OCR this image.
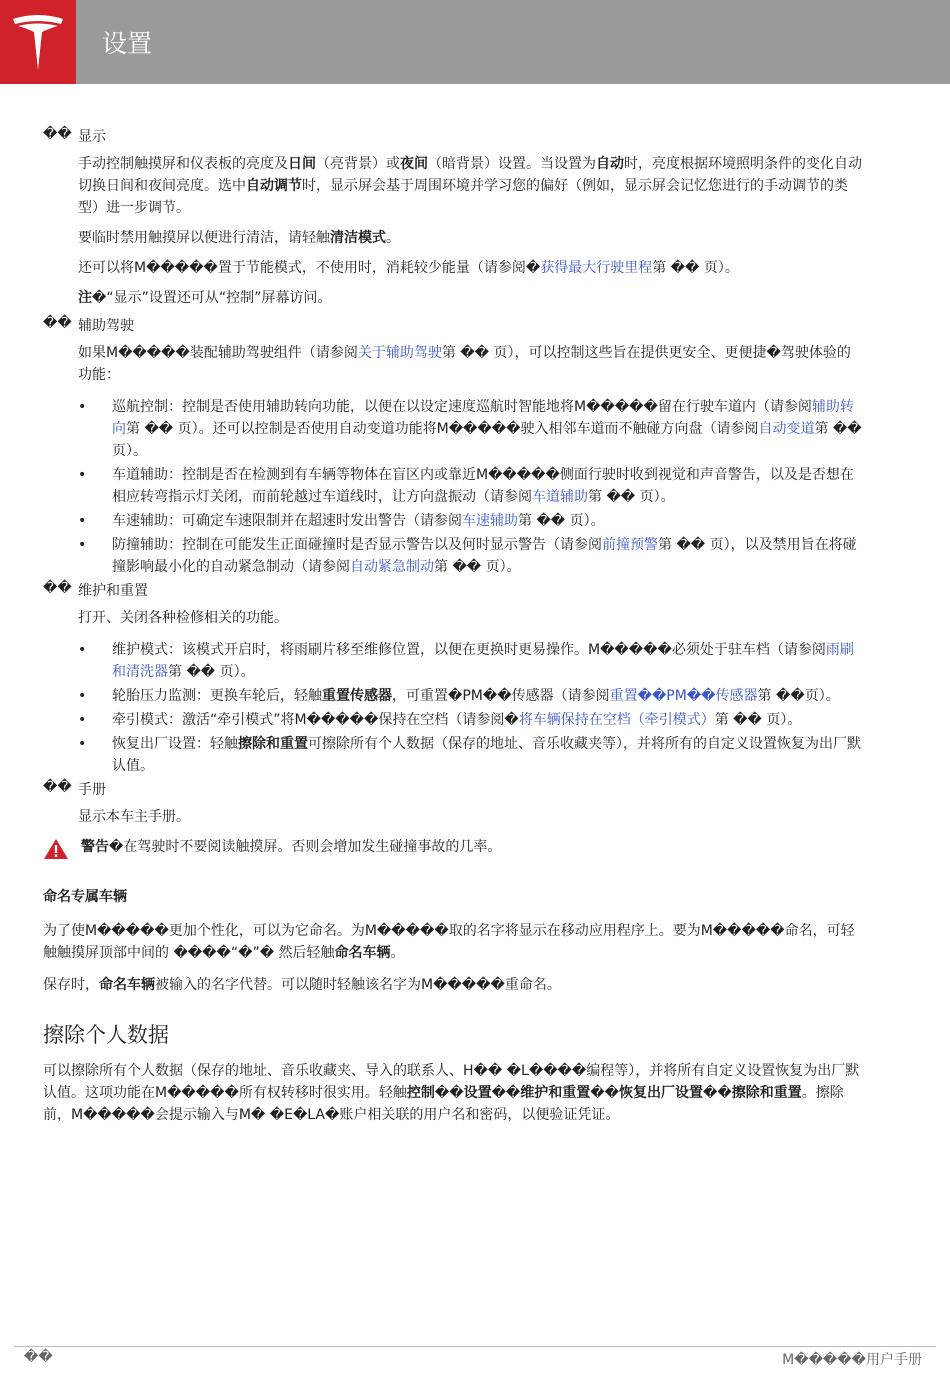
设置
�� 显示

手动控制触摸屏和仪表板的亮度及日间（亮背景）或夜间（暗背景）设置。当设置为自动时，亮度根据环境照明条件的变化自动切换日间和夜间亮度。选中自动调节时，显示屏会基于周围环境并学习您的偏好（例如，显示屏会记忆您进行的手动调节的类型）进一步调节。

要临时禁用触摸屏以便进行清洁，请轻触清洁模式。

还可以将M�����置于节能模式，不使用时，消耗较少能量（请参阅�获得最大行驶里程第 �� 页）。

注�“显示”设置还可从“控制”屏幕访问。

�� 辅助驾驶

如果M�����装配辅助驾驶组件（请参阅关于辅助驾驶第 �� 页），可以控制这些旨在提供更安全、更便捷�驾驶体验的功能：

• 巡航控制：控制是否使用辅助转向功能，以便在以设定速度巡航时智能地将M�����留在行驶车道内（请参阅辅助转向第 �� 页）。还可以控制是否使用自动变道功能将M�����驶入相邻车道而不触碰方向盘（请参阅自动变道第 �� 页）。
• 车道辅助：控制是否在检测到有车辆等物体在盲区内或靠近M�����侧面行驶时收到视觉和声音警告，以及是否想在相应转弯指示灯关闭，而前轮越过车道线时，让方向盘振动（请参阅车道辅助第 �� 页）。
• 车速辅助：可确定车速限制并在超速时发出警告（请参阅车速辅助第 �� 页）。
• 防撞辅助：控制在可能发生正面碰撞时是否显示警告以及何时显示警告（请参阅前撞预警第 �� 页），以及禁用旨在将碰撞影响最小化的自动紧急制动（请参阅自动紧急制动第 �� 页）。
�� 维护和重置

打开、关闭各种检修相关的功能。

• 维护模式：该模式开启时，将雨刷片移至维修位置，以便在更换时更易操作。M�����必须处于驻车档（请参阅雨刷和清洗器第 �� 页）。
• 轮胎压力监测：更换车轮后，轻触重置传感器，可重置�PM��传感器（请参阅重置��PM��传感器第 ��页）。
• 牵引模式：激活“牵引模式”将M�����保持在空档（请参阅�将车辆保持在空档（牵引模式）第 �� 页）。
• 恢复出厂设置：轻触擦除和重置可擦除所有个人数据（保存的地址、音乐收藏夹等），并将所有的自定义设置恢复为出厂默认值。
�� 手册

显示本车主手册。

警告�在驾驶时不要阅读触摸屏。否则会增加发生碰撞事故的几率。

命名专属车辆

为了使M�����更加个性化，可以为它命名。为M�����取的名字将显示在移动应用程序上。要为M�����命名，可轻触触摸屏顶部中间的 ����“�”� 然后轻触命名车辆。

保存时，命名车辆被输入的名字代替。可以随时轻触该名字为M�����重命名。

擦除个人数据

可以擦除所有个人数据（保存的地址、音乐收藏夹、导入的联系人、H�� �L����编程等），并将所有自定义设置恢复为出厂默认值。这项功能在M�����所有权转移时很实用。轻触控制��设置��维护和重置��恢复出厂设置��擦除和重置。擦除前，M�����会提示输入与M� �E�LA�账户相关联的用户名和密码，以便验证凭证。

��	M�����用户手册
